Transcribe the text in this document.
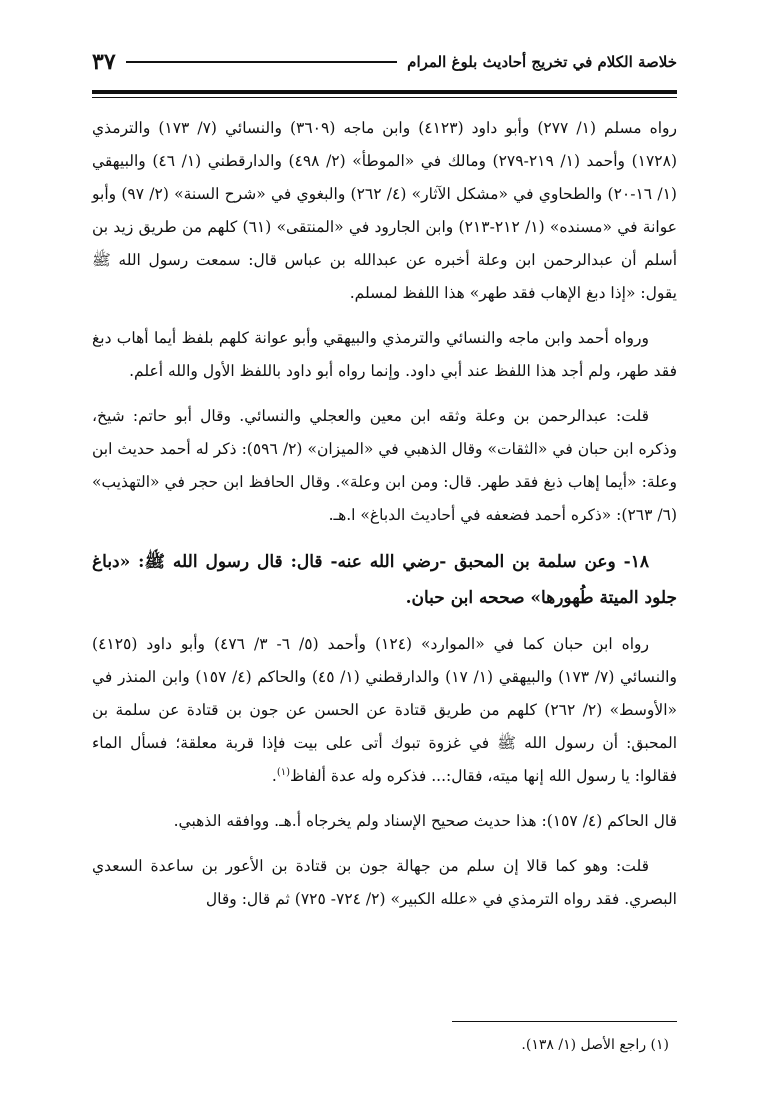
خلاصة الكلام في تخريج أحاديث بلوغ المرام
٣٧

رواه مسلم (١/ ٢٧٧) وأبو داود (٤١٢٣) وابن ماجه (٣٦٠٩) والنسائي (٧/ ١٧٣) والترمذي (١٧٢٨) وأحمد (١/ ٢١٩-٢٧٩) ومالك في «الموطأ» (٢/ ٤٩٨) والدارقطني (١/ ٤٦) والبيهقي (١/ ١٦-٢٠) والطحاوي في «مشكل الآثار» (٤/ ٢٦٢) والبغوي في «شرح السنة» (٢/ ٩٧) وأبو عوانة في «مسنده» (١/ ٢١٢-٢١٣) وابن الجارود في «المنتقى» (٦١) كلهم من طريق زيد بن أسلم أن عبدالرحمن ابن وعلة أخبره عن عبدالله بن عباس قال: سمعت رسول الله ﷺ يقول: «إذا دبغ الإهاب فقد طهر» هذا اللفظ لمسلم.

ورواه أحمد وابن ماجه والنسائي والترمذي والبيهقي وأبو عوانة كلهم بلفظ أيما أهاب دبغ فقد طهر، ولم أجد هذا اللفظ عند أبي داود. وإنما رواه أبو داود باللفظ الأول والله أعلم.

قلت: عبدالرحمن بن وعلة وثقه ابن معين والعجلي والنسائي. وقال أبو حاتم: شيخ، وذكره ابن حبان في «الثقات» وقال الذهبي في «الميزان» (٢/ ٥٩٦): ذكر له أحمد حديث ابن وعلة: «أيما إهاب ذبغ فقد طهر. قال: ومن ابن وعلة». وقال الحافظ ابن حجر في «التهذيب» (٦/ ٢٦٣): «ذكره أحمد فضعفه في أحاديث الدباغ» ا.هـ.

١٨- وعن سلمة بن المحبق -رضي الله عنه- قال: قال رسول الله ﷺ: «دباغ جلود الميتة طُهورها» صححه ابن حبان.

رواه ابن حبان كما في «الموارد» (١٢٤) وأحمد (٥/ ٦- ٣/ ٤٧٦) وأبو داود (٤١٢٥) والنسائي (٧/ ١٧٣) والبيهقي (١/ ١٧) والدارقطني (١/ ٤٥) والحاكم (٤/ ١٥٧) وابن المنذر في «الأوسط» (٢/ ٢٦٢) كلهم من طريق قتادة عن الحسن عن جون بن قتادة عن سلمة بن المحبق: أن رسول الله ﷺ في غزوة تبوك أتى على بيت فإذا قربة معلقة؛ فسأل الماء فقالوا: يا رسول الله إنها ميته، فقال:... فذكره وله عدة ألفاظ$^{(١)}$.

قال الحاكم (٤/ ١٥٧): هذا حديث صحيح الإسناد ولم يخرجاه أ.هـ. ووافقه الذهبي.

قلت: وهو كما قالا إن سلم من جهالة جون بن قتادة بن الأعور بن ساعدة السعدي البصري. فقد رواه الترمذي في «علله الكبير» (٢/ ٧٢٤- ٧٢٥) ثم قال: وقال

(١) راجع الأصل (١/ ١٣٨).
